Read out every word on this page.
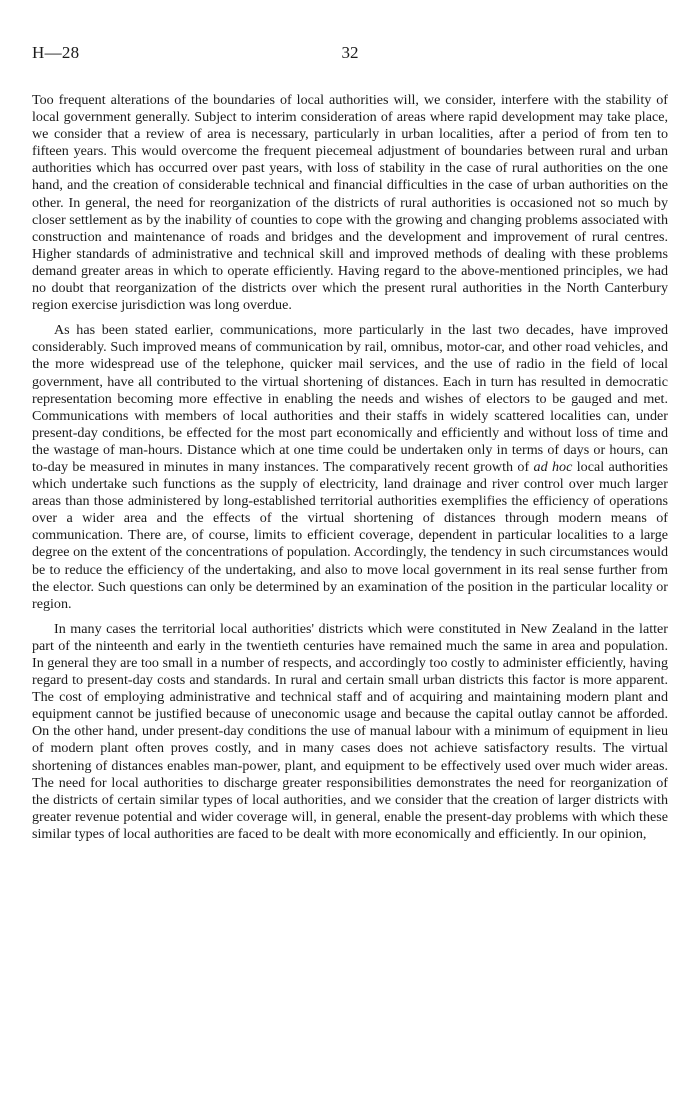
H—28	32

Too frequent alterations of the boundaries of local authorities will, we consider, interfere with the stability of local government generally. Subject to interim consideration of areas where rapid development may take place, we consider that a review of area is necessary, particularly in urban localities, after a period of from ten to fifteen years. This would overcome the frequent piecemeal adjustment of boundaries between rural and urban authorities which has occurred over past years, with loss of stability in the case of rural authorities on the one hand, and the creation of considerable technical and financial difficulties in the case of urban authorities on the other. In general, the need for reorganization of the districts of rural authorities is occasioned not so much by closer settlement as by the inability of counties to cope with the growing and changing problems associated with construction and maintenance of roads and bridges and the development and improvement of rural centres. Higher standards of administrative and technical skill and improved methods of dealing with these problems demand greater areas in which to operate efficiently. Having regard to the above-mentioned principles, we had no doubt that reorganization of the districts over which the present rural authorities in the North Canterbury region exercise jurisdiction was long overdue.

As has been stated earlier, communications, more particularly in the last two decades, have improved considerably. Such improved means of communication by rail, omnibus, motor-car, and other road vehicles, and the more widespread use of the telephone, quicker mail services, and the use of radio in the field of local government, have all contributed to the virtual shortening of distances. Each in turn has resulted in democratic representation becoming more effective in enabling the needs and wishes of electors to be gauged and met. Communications with members of local authorities and their staffs in widely scattered localities can, under present-day conditions, be effected for the most part economically and efficiently and without loss of time and the wastage of man-hours. Distance which at one time could be undertaken only in terms of days or hours, can to-day be measured in minutes in many instances. The comparatively recent growth of ad hoc local authorities which undertake such functions as the supply of electricity, land drainage and river control over much larger areas than those administered by long-established territorial authorities exemplifies the efficiency of operations over a wider area and the effects of the virtual shortening of distances through modern means of communication. There are, of course, limits to efficient coverage, dependent in particular localities to a large degree on the extent of the concentrations of population. Accordingly, the tendency in such circumstances would be to reduce the efficiency of the undertaking, and also to move local government in its real sense further from the elector. Such questions can only be determined by an examination of the position in the particular locality or region.

In many cases the territorial local authorities' districts which were constituted in New Zealand in the latter part of the ninteenth and early in the twentieth centuries have remained much the same in area and population. In general they are too small in a number of respects, and accordingly too costly to administer efficiently, having regard to present-day costs and standards. In rural and certain small urban districts this factor is more apparent. The cost of employing administrative and technical staff and of acquiring and maintaining modern plant and equipment cannot be justified because of uneconomic usage and because the capital outlay cannot be afforded. On the other hand, under present-day conditions the use of manual labour with a minimum of equipment in lieu of modern plant often proves costly, and in many cases does not achieve satisfactory results. The virtual shortening of distances enables man-power, plant, and equipment to be effectively used over much wider areas. The need for local authorities to discharge greater responsibilities demonstrates the need for reorganization of the districts of certain similar types of local authorities, and we consider that the creation of larger districts with greater revenue potential and wider coverage will, in general, enable the present-day problems with which these similar types of local authorities are faced to be dealt with more economically and efficiently. In our opinion,
